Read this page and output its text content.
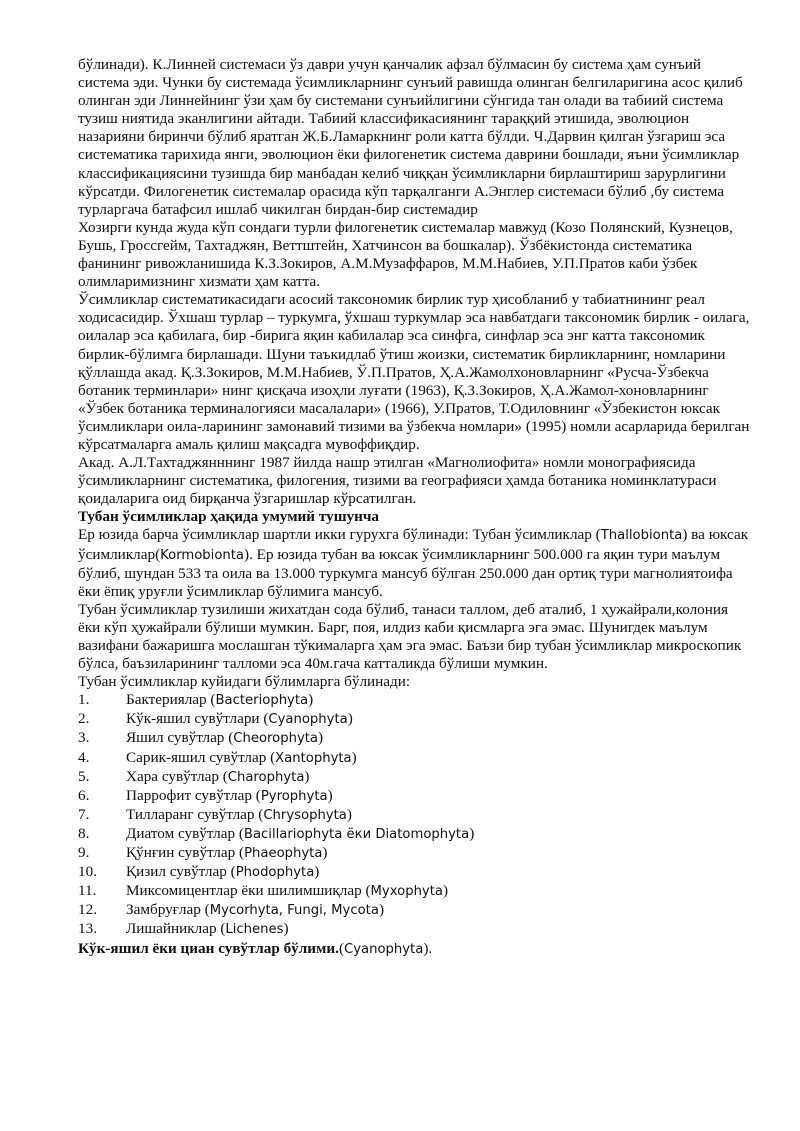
бўлинади). К.Линней системаси ўз даври учун қанчалик афзал бўлмасин бу система ҳам сунъий система эди. Чунки бу системада ўсимликларнинг сунъий равишда олинган белгиларигина асос қилиб олинган эди Линнейнинг ўзи ҳам бу системани сунъийлигини сўнгида тан олади ва табиий система тузиш ниятида эканлигини айтади. Табиий классификасиянинг тараққий этишида, эволюцион назарияни биринчи бўлиб яратган Ж.Б.Ламаркнинг роли катта бўлди. Ч.Дарвин қилган ўзгариш эса систематика тарихида янги, эволюцион ёки филогенетик система даврини бошлади, яъни ўсимликлар классификациясини тузишда бир манбадан келиб чиққан ўсимликларни бирлаштириш зарурлигини кўрсатди. Филогенетик системалар орасида кўп тарқалганги А.Энглер системаси бўлиб ,бу система турларгача батафсил ишлаб чикилган бирдан-бир системадир

Хозирги кунда жуда кўп сондаги турли филогенетик системалар мавжуд (Козо Полянский, Кузнецов, Бушь, Гроссгейм, Тахтаджян, Веттштейн, Хатчинсон ва бошкалар). Ўзбёкистонда систематика фанининг ривожланишида К.З.Зокиров, А.М.Музаффаров, М.М.Набиев, У.П.Пратов каби ўзбек олимларимизнинг хизмати ҳам катта.

Ўсимликлар систематикасидаги асосий таксономик бирлик тур ҳисобланиб у табиатнининг реал ходисасидир. Ўхшаш турлар – туркумга, ўхшаш туркумлар эса навбатдаги таксономик бирлик - оилага, оилалар эса қабилага, бир -бирига яқин кабилалар эса синфга, синфлар эса энг катта таксономик бирлик-бўлимга бирлашади. Шуни таъкидлаб ўтиш жоизки, систематик бирликларнинг, номларини қўллашда акад. Қ.З.Зокиров, М.М.Набиев, Ў.П.Пратов, Ҳ.А.Жамолхоновларнинг «Русча-Ўзбекча ботаник терминлари» нинг қисқача изоҳли луғати (1963), Қ.З.Зокиров, Ҳ.А.Жамол-хоновларнинг «Ўзбек ботаника терминалогияси масалалари» (1966), У.Пратов, Т.Одиловнинг «Ўзбекистон юксак ўсимликлари оила-ларининг замонавий тизими ва ўзбекча номлари» (1995) номли асарларида берилган кўрсатмаларга амаль қилиш мақсадга мувоффиқдир.

Акад. А.Л.Тахтаджянннинг 1987 йилда нашр этилган «Магнолиофита» номли монографиясида ўсимликларнинг систематика, филогения, тизими ва географияси ҳамда ботаника номинклатураси қоидаларига оид бирқанча ўзгаришлар кўрсатилган.

Тубан ўсимликлар ҳақида умумий тушунча

Ер юзида барча ўсимликлар шартли икки гурухга бўлинади: Тубан ўсимликлар (Thallobionta) ва юксак ўсимликлар(Kormobionta). Ер юзида тубан ва юксак ўсимликларнинг 500.000 га яқин тури маълум бўлиб, шундан 533 та оила ва 13.000 туркумга мансуб бўлган 250.000 дан ортиқ тури магнолиятоифа ёки ёпиқ уруғли ўсимликлар бўлимига мансуб.

Тубан ўсимликлар тузилиши жихатдан сода бўлиб, танаси таллом, деб аталиб, 1 ҳужайрали,колония ёки кўп ҳужайрали бўлиши мумкин. Барг, поя, илдиз каби қисмларга эга эмас. Шунигдек маълум вазифани бажаришга мослашган тўкималарга ҳам эга эмас. Баъзи бир тубан ўсимликлар микроскопик бўлса, баъзиларининг талломи эса 40м.гача катталикда бўлиши мумкин.

Тубан ўсимликлар куйидаги бўлимларга бўлинади:

1.	Бактериялар (Bacteriophyta)
2.	Кўк-яшил сувўтлари (Cyanophyta)
3.	Яшил сувўтлар (Cheorophyta)
4.	Сарик-яшил сувўтлар (Xantophyta)
5.	Хара сувўтлар (Charophyta)
6.	Паррофит сувўтлар (Pyrophyta)
7.	Тиллаpанг сувўтлар (Chrysophyta)
8.	Диатом сувўтлар (Bacillariophyta ёки Diatomophyta)
9.	Қўнғин сувўтлар (Phaeophyta)
10.	Қизил сувўтлар (Phodophyta)
11.	Миксомицентлар ёки шилимшиқлар (Myxophyta)
12.	Замбруғлар (Mycorhyta, Fungi, Mycota)
13.	Лишайниклар (Lichenes)

Кўк-яшил ёки циан сувўтлар бўлими.(Cyanophyta).
